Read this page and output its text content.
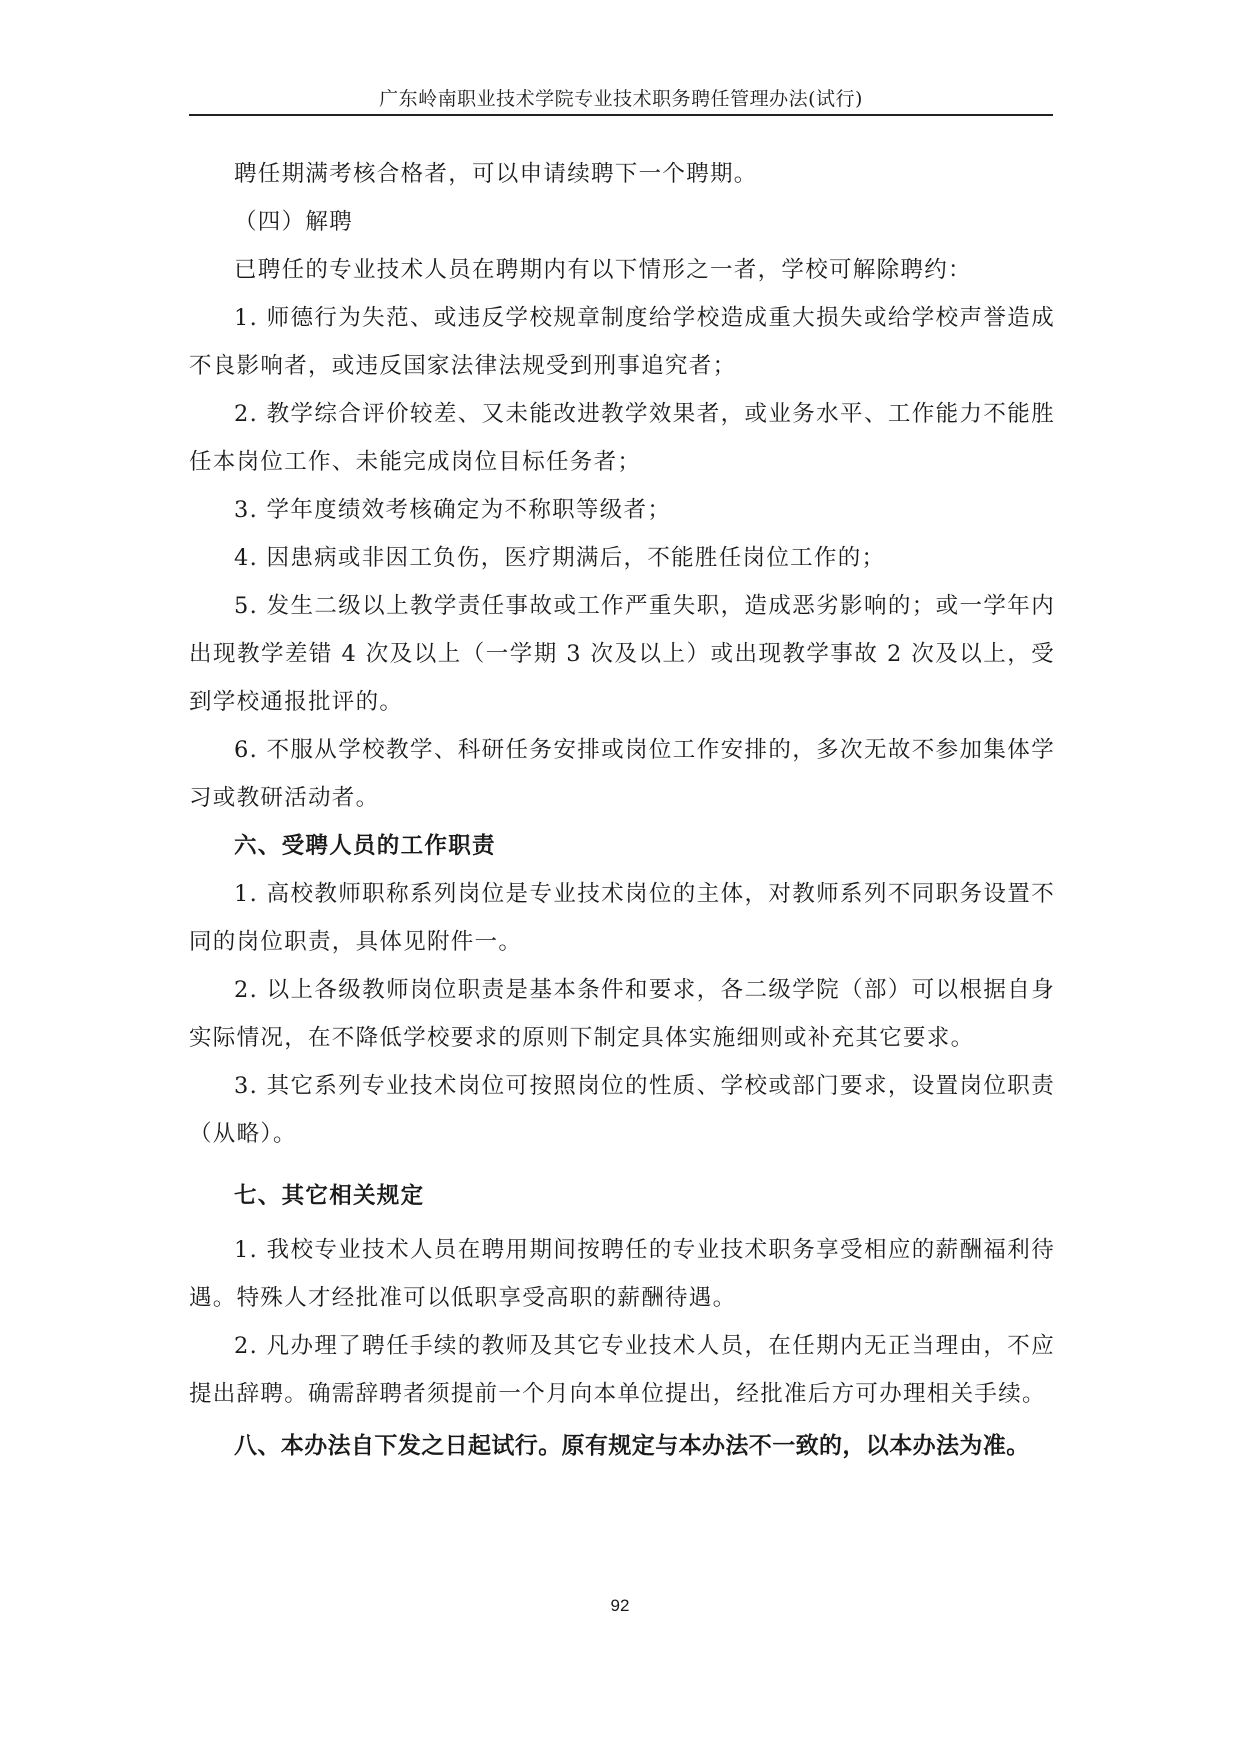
广东岭南职业技术学院专业技术职务聘任管理办法(试行)

聘任期满考核合格者，可以申请续聘下一个聘期。

（四）解聘

已聘任的专业技术人员在聘期内有以下情形之一者，学校可解除聘约：

1. 师德行为失范、或违反学校规章制度给学校造成重大损失或给学校声誉造成不良影响者，或违反国家法律法规受到刑事追究者；

2. 教学综合评价较差、又未能改进教学效果者，或业务水平、工作能力不能胜任本岗位工作、未能完成岗位目标任务者；

3. 学年度绩效考核确定为不称职等级者；

4. 因患病或非因工负伤，医疗期满后，不能胜任岗位工作的；

5. 发生二级以上教学责任事故或工作严重失职，造成恶劣影响的；或一学年内出现教学差错 4 次及以上（一学期 3 次及以上）或出现教学事故 2 次及以上，受到学校通报批评的。

6. 不服从学校教学、科研任务安排或岗位工作安排的，多次无故不参加集体学习或教研活动者。

六、受聘人员的工作职责

1. 高校教师职称系列岗位是专业技术岗位的主体，对教师系列不同职务设置不同的岗位职责，具体见附件一。

2. 以上各级教师岗位职责是基本条件和要求，各二级学院（部）可以根据自身实际情况，在不降低学校要求的原则下制定具体实施细则或补充其它要求。

3. 其它系列专业技术岗位可按照岗位的性质、学校或部门要求，设置岗位职责（从略）。

七、其它相关规定

1. 我校专业技术人员在聘用期间按聘任的专业技术职务享受相应的薪酬福利待遇。特殊人才经批准可以低职享受高职的薪酬待遇。

2. 凡办理了聘任手续的教师及其它专业技术人员，在任期内无正当理由，不应提出辞聘。确需辞聘者须提前一个月向本单位提出，经批准后方可办理相关手续。

八、本办法自下发之日起试行。原有规定与本办法不一致的，以本办法为准。

92
